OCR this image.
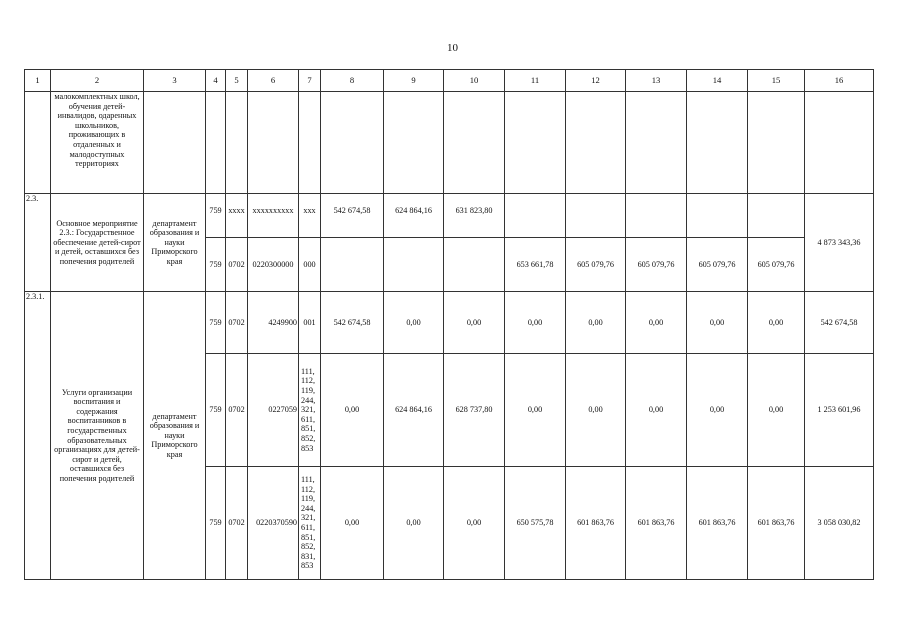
10
1	2	3	4	5	6	7	8	9	10	11	12	13	14	15	16
	малокомплектных школ, обучения детей-инвалидов, одаренных школьников, проживающих в отдаленных и малодоступных территориях														
2.3.	Основное мероприятие 2.3.: Государственное обеспечение детей-сирот и детей, оставшихся без попечения родителей	департамент образования и науки Приморского края	759	xxxx	xxxxxxxxxx	xxx	542 674,58	624 864,16	631 823,80						4 873 343,36
			759	0702	0220300000	000				653 661,78	605 079,76	605 079,76	605 079,76	605 079,76	
2.3.1.	Услуги организации воспитания и содержания воспитанников в государственных образовательных организациях для детей-сирот и детей, оставшихся без попечения родителей	департамент образования и науки Приморского края	759	0702	4249900	001	542 674,58	0,00	0,00	0,00	0,00	0,00	0,00	0,00	542 674,58
			759	0702	0227059	111, 112, 119, 244, 321, 611, 851, 852, 853	0,00	624 864,16	628 737,80	0,00	0,00	0,00	0,00	0,00	1 253 601,96
			759	0702	0220370590	111, 112, 119, 244, 321, 611, 851, 852, 831, 853	0,00	0,00	0,00	650 575,78	601 863,76	601 863,76	601 863,76	601 863,76	3 058 030,82
